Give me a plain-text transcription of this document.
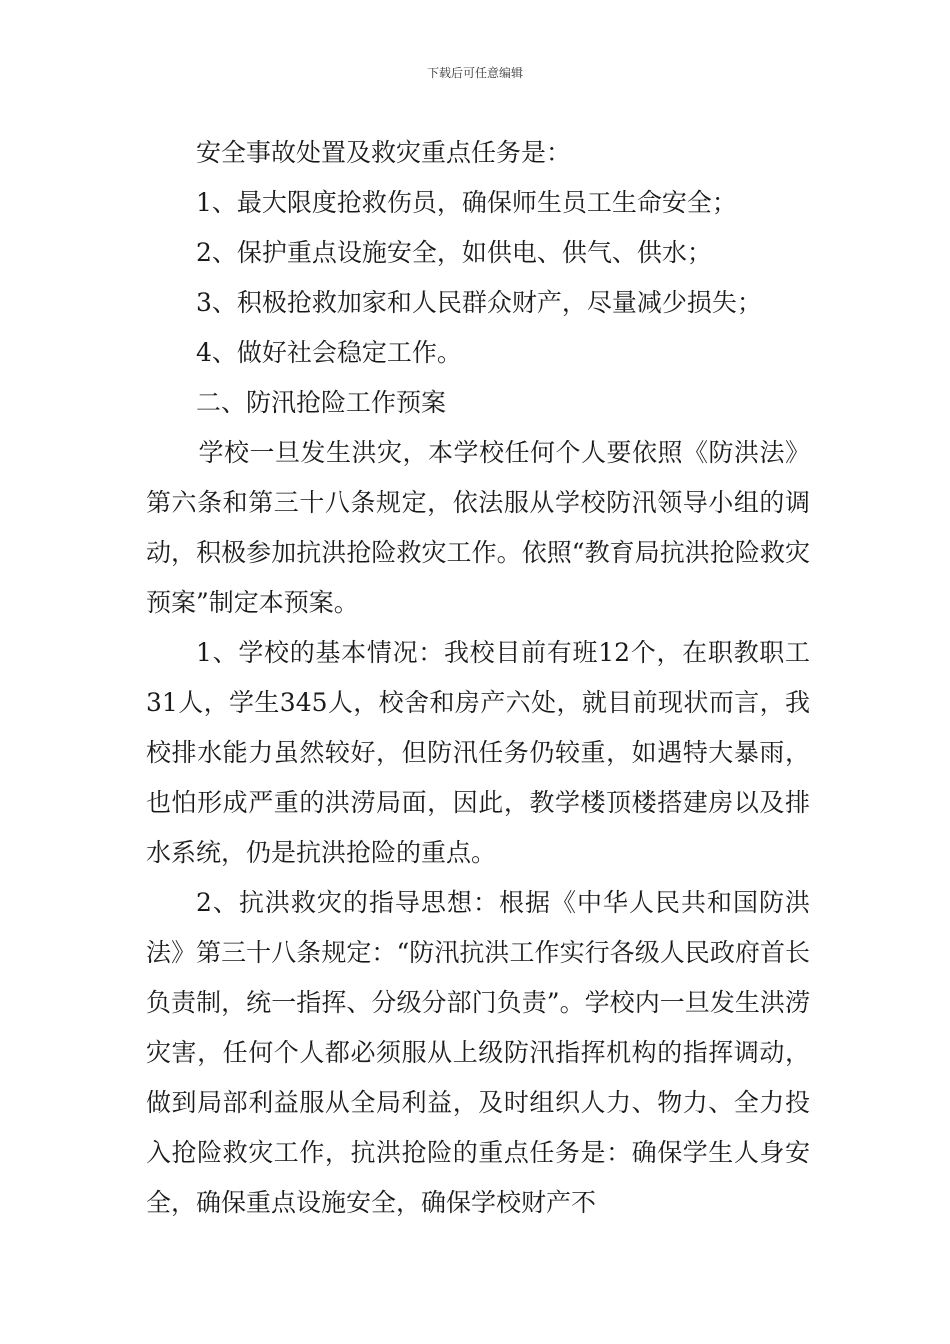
下载后可任意编辑

安全事故处置及救灾重点任务是：

1、最大限度抢救伤员，确保师生员工生命安全；

2、保护重点设施安全，如供电、供气、供水；

3、积极抢救加家和人民群众财产，尽量减少损失；

4、做好社会稳定工作。

二、防汛抢险工作预案

学校一旦发生洪灾，本学校任何个人要依照《防洪法》第六条和第三十八条规定，依法服从学校防汛领导小组的调动，积极参加抗洪抢险救灾工作。依照“教育局抗洪抢险救灾预案”制定本预案。

1、学校的基本情况：我校目前有班12个，在职教职工31人，学生345人，校舍和房产六处，就目前现状而言，我校排水能力虽然较好，但防汛任务仍较重，如遇特大暴雨，也怕形成严重的洪涝局面，因此，教学楼顶楼搭建房以及排水系统，仍是抗洪抢险的重点。

2、抗洪救灾的指导思想：根据《中华人民共和国防洪法》第三十八条规定：“防汛抗洪工作实行各级人民政府首长负责制，统一指挥、分级分部门负责”。学校内一旦发生洪涝灾害，任何个人都必须服从上级防汛指挥机构的指挥调动，做到局部利益服从全局利益，及时组织人力、物力、全力投入抢险救灾工作，抗洪抢险的重点任务是：确保学生人身安全，确保重点设施安全，确保学校财产不
